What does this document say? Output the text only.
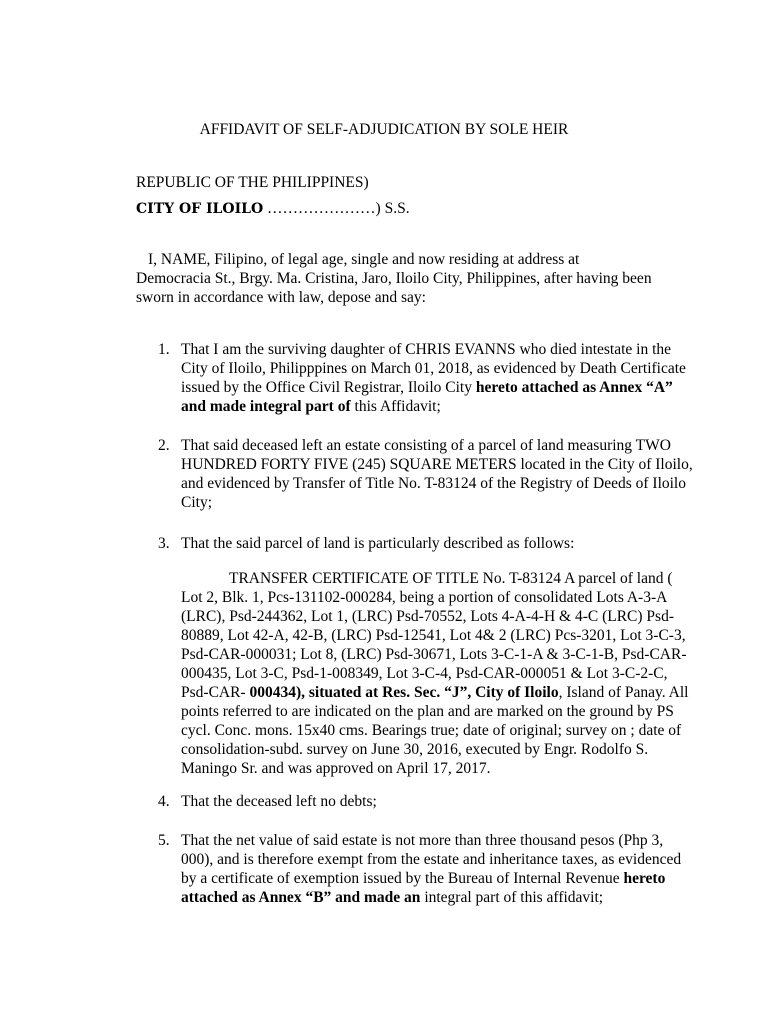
AFFIDAVIT OF SELF-ADJUDICATION BY SOLE HEIR
REPUBLIC OF THE PHILIPPINES)
CITY OF ILOILO …………………) S.S.

I, NAME, Filipino, of legal age, single and now residing at address at Democracia St., Brgy. Ma. Cristina, Jaro, Iloilo City, Philippines, after having been sworn in accordance with law, depose and say:

1. That I am the surviving daughter of CHRIS EVANNS who died intestate in the City of Iloilo, Philipppines on March 01, 2018, as evidenced by Death Certificate issued by the Office Civil Registrar, Iloilo City hereto attached as Annex “A” and made integral part of this Affidavit;
2. That said deceased left an estate consisting of a parcel of land measuring TWO HUNDRED FORTY FIVE (245) SQUARE METERS located in the City of Iloilo, and evidenced by Transfer of Title No. T-83124 of the Registry of Deeds of Iloilo City;
3. That the said parcel of land is particularly described as follows:
TRANSFER CERTIFICATE OF TITLE No. T-83124 A parcel of land ( Lot 2, Blk. 1, Pcs-131102-000284, being a portion of consolidated Lots A-3-A (LRC), Psd-244362, Lot 1, (LRC) Psd-70552, Lots 4-A-4-H & 4-C (LRC) Psd-80889, Lot 42-A, 42-B, (LRC) Psd-12541, Lot 4& 2 (LRC) Pcs-3201, Lot 3-C-3, Psd-CAR-000031; Lot 8, (LRC) Psd-30671, Lots 3-C-1-A & 3-C-1-B, Psd-CAR-000435, Lot 3-C, Psd-1-008349, Lot 3-C-4, Psd-CAR-000051 & Lot 3-C-2-C, Psd-CAR- 000434), situated at Res. Sec. “J”, City of Iloilo, Island of Panay. All points referred to are indicated on the plan and are marked on the ground by PS cycl. Conc. mons. 15x40 cms. Bearings true; date of original; survey on ; date of consolidation-subd. survey on June 30, 2016, executed by Engr. Rodolfo S. Maningo Sr. and was approved on April 17, 2017.
4. That the deceased left no debts;
5. That the net value of said estate is not more than three thousand pesos (Php 3, 000), and is therefore exempt from the estate and inheritance taxes, as evidenced by a certificate of exemption issued by the Bureau of Internal Revenue hereto attached as Annex “B” and made an integral part of this affidavit;
